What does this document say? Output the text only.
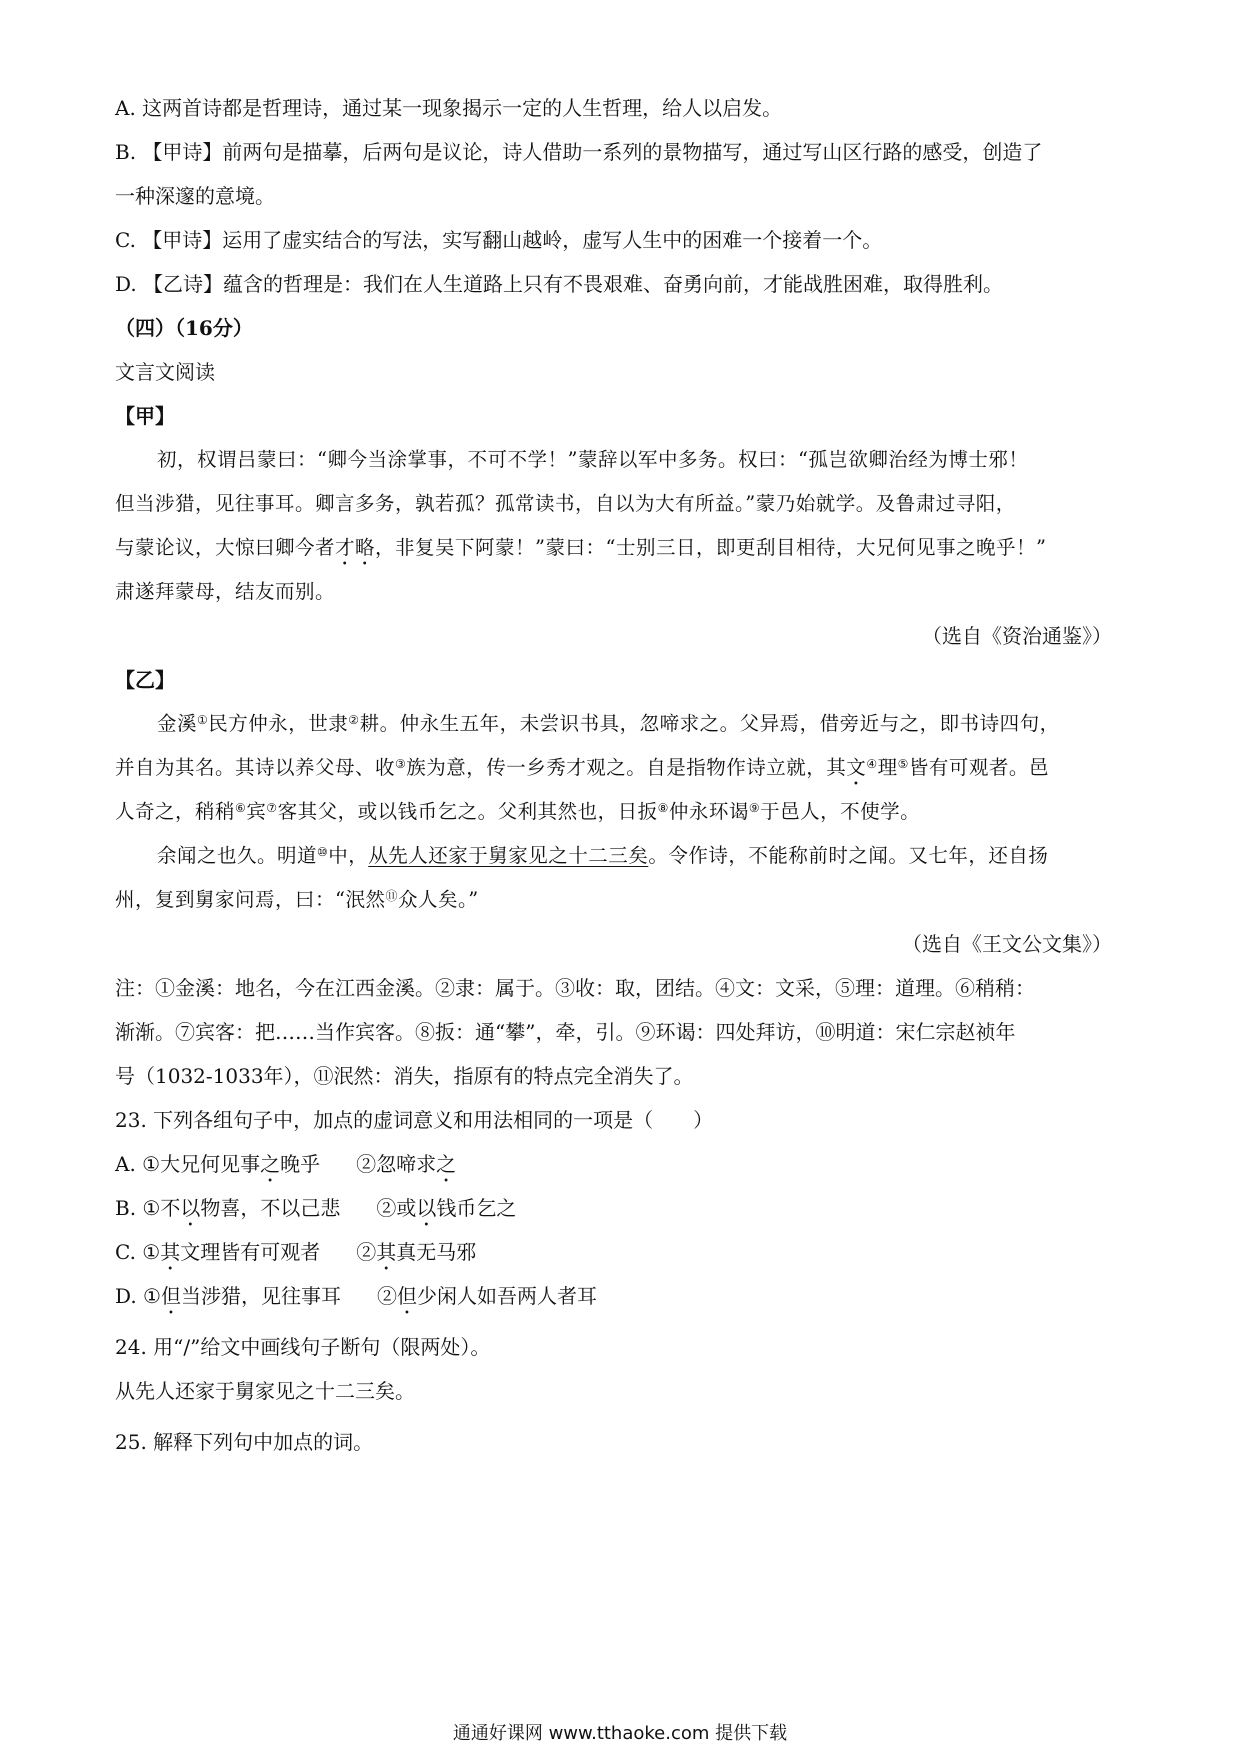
A. 这两首诗都是哲理诗，通过某一现象揭示一定的人生哲理，给人以启发。
B. 【甲诗】前两句是描摹，后两句是议论，诗人借助一系列的景物描写，通过写山区行路的感受，创造了
一种深邃的意境。
C. 【甲诗】运用了虚实结合的写法，实写翻山越岭，虚写人生中的困难一个接着一个。
D. 【乙诗】蕴含的哲理是：我们在人生道路上只有不畏艰难、奋勇向前，才能战胜困难，取得胜利。
（四）（16分）
文言文阅读
【甲】
初，权谓吕蒙曰：“卿今当涂掌事，不可不学！”蒙辞以军中多务。权曰：“孤岂欲卿治经为博士邪！
但当涉猎，见往事耳。卿言多务，孰若孤？孤常读书，自以为大有所益。”蒙乃始就学。及鲁肃过寻阳，
与蒙论议，大惊曰卿今者才略，非复吴下阿蒙！”蒙曰：“士别三日，即更刮目相待，大兄何见事之晚乎！”
肃遂拜蒙母，结友而别。
（选自《资治通鉴》）
【乙】
金溪①民方仲永，世隶②耕。仲永生五年，未尝识书具，忽啼求之。父异焉，借旁近与之，即书诗四句，
并自为其名。其诗以养父母、收③族为意，传一乡秀才观之。自是指物作诗立就，其文④理⑤皆有可观者。邑
人奇之，稍稍⑥宾⑦客其父，或以钱币乞之。父利其然也，日扳⑧仲永环谒⑨于邑人，不使学。
余闻之也久。明道⑩中，从先人还家于舅家见之十二三矣。令作诗，不能称前时之闻。又七年，还自扬
州，复到舅家问焉，曰：“泯然⑪众人矣。”
（选自《王文公文集》）
注：①金溪：地名，今在江西金溪。②隶：属于。③收：取，团结。④文：文采，⑤理：道理。⑥稍稍：
渐渐。⑦宾客：把……当作宾客。⑧扳：通“攀”，牵，引。⑨环谒：四处拜访，⑩明道：宋仁宗赵祯年
号（1032-1033年），⑪泯然：消失，指原有的特点完全消失了。
23. 下列各组句子中，加点的虚词意义和用法相同的一项是（　　）
A. ①大兄何见事之晚乎 ②忽啼求之
B. ①不以物喜，不以己悲 ②或以钱币乞之
C. ①其文理皆有可观者 ②其真无马邪
D. ①但当涉猎，见往事耳 ②但少闲人如吾两人者耳
24. 用“/”给文中画线句子断句（限两处）。
从先人还家于舅家见之十二三矣。
25. 解释下列句中加点的词。
通通好课网 www.tthaoke.com 提供下载
